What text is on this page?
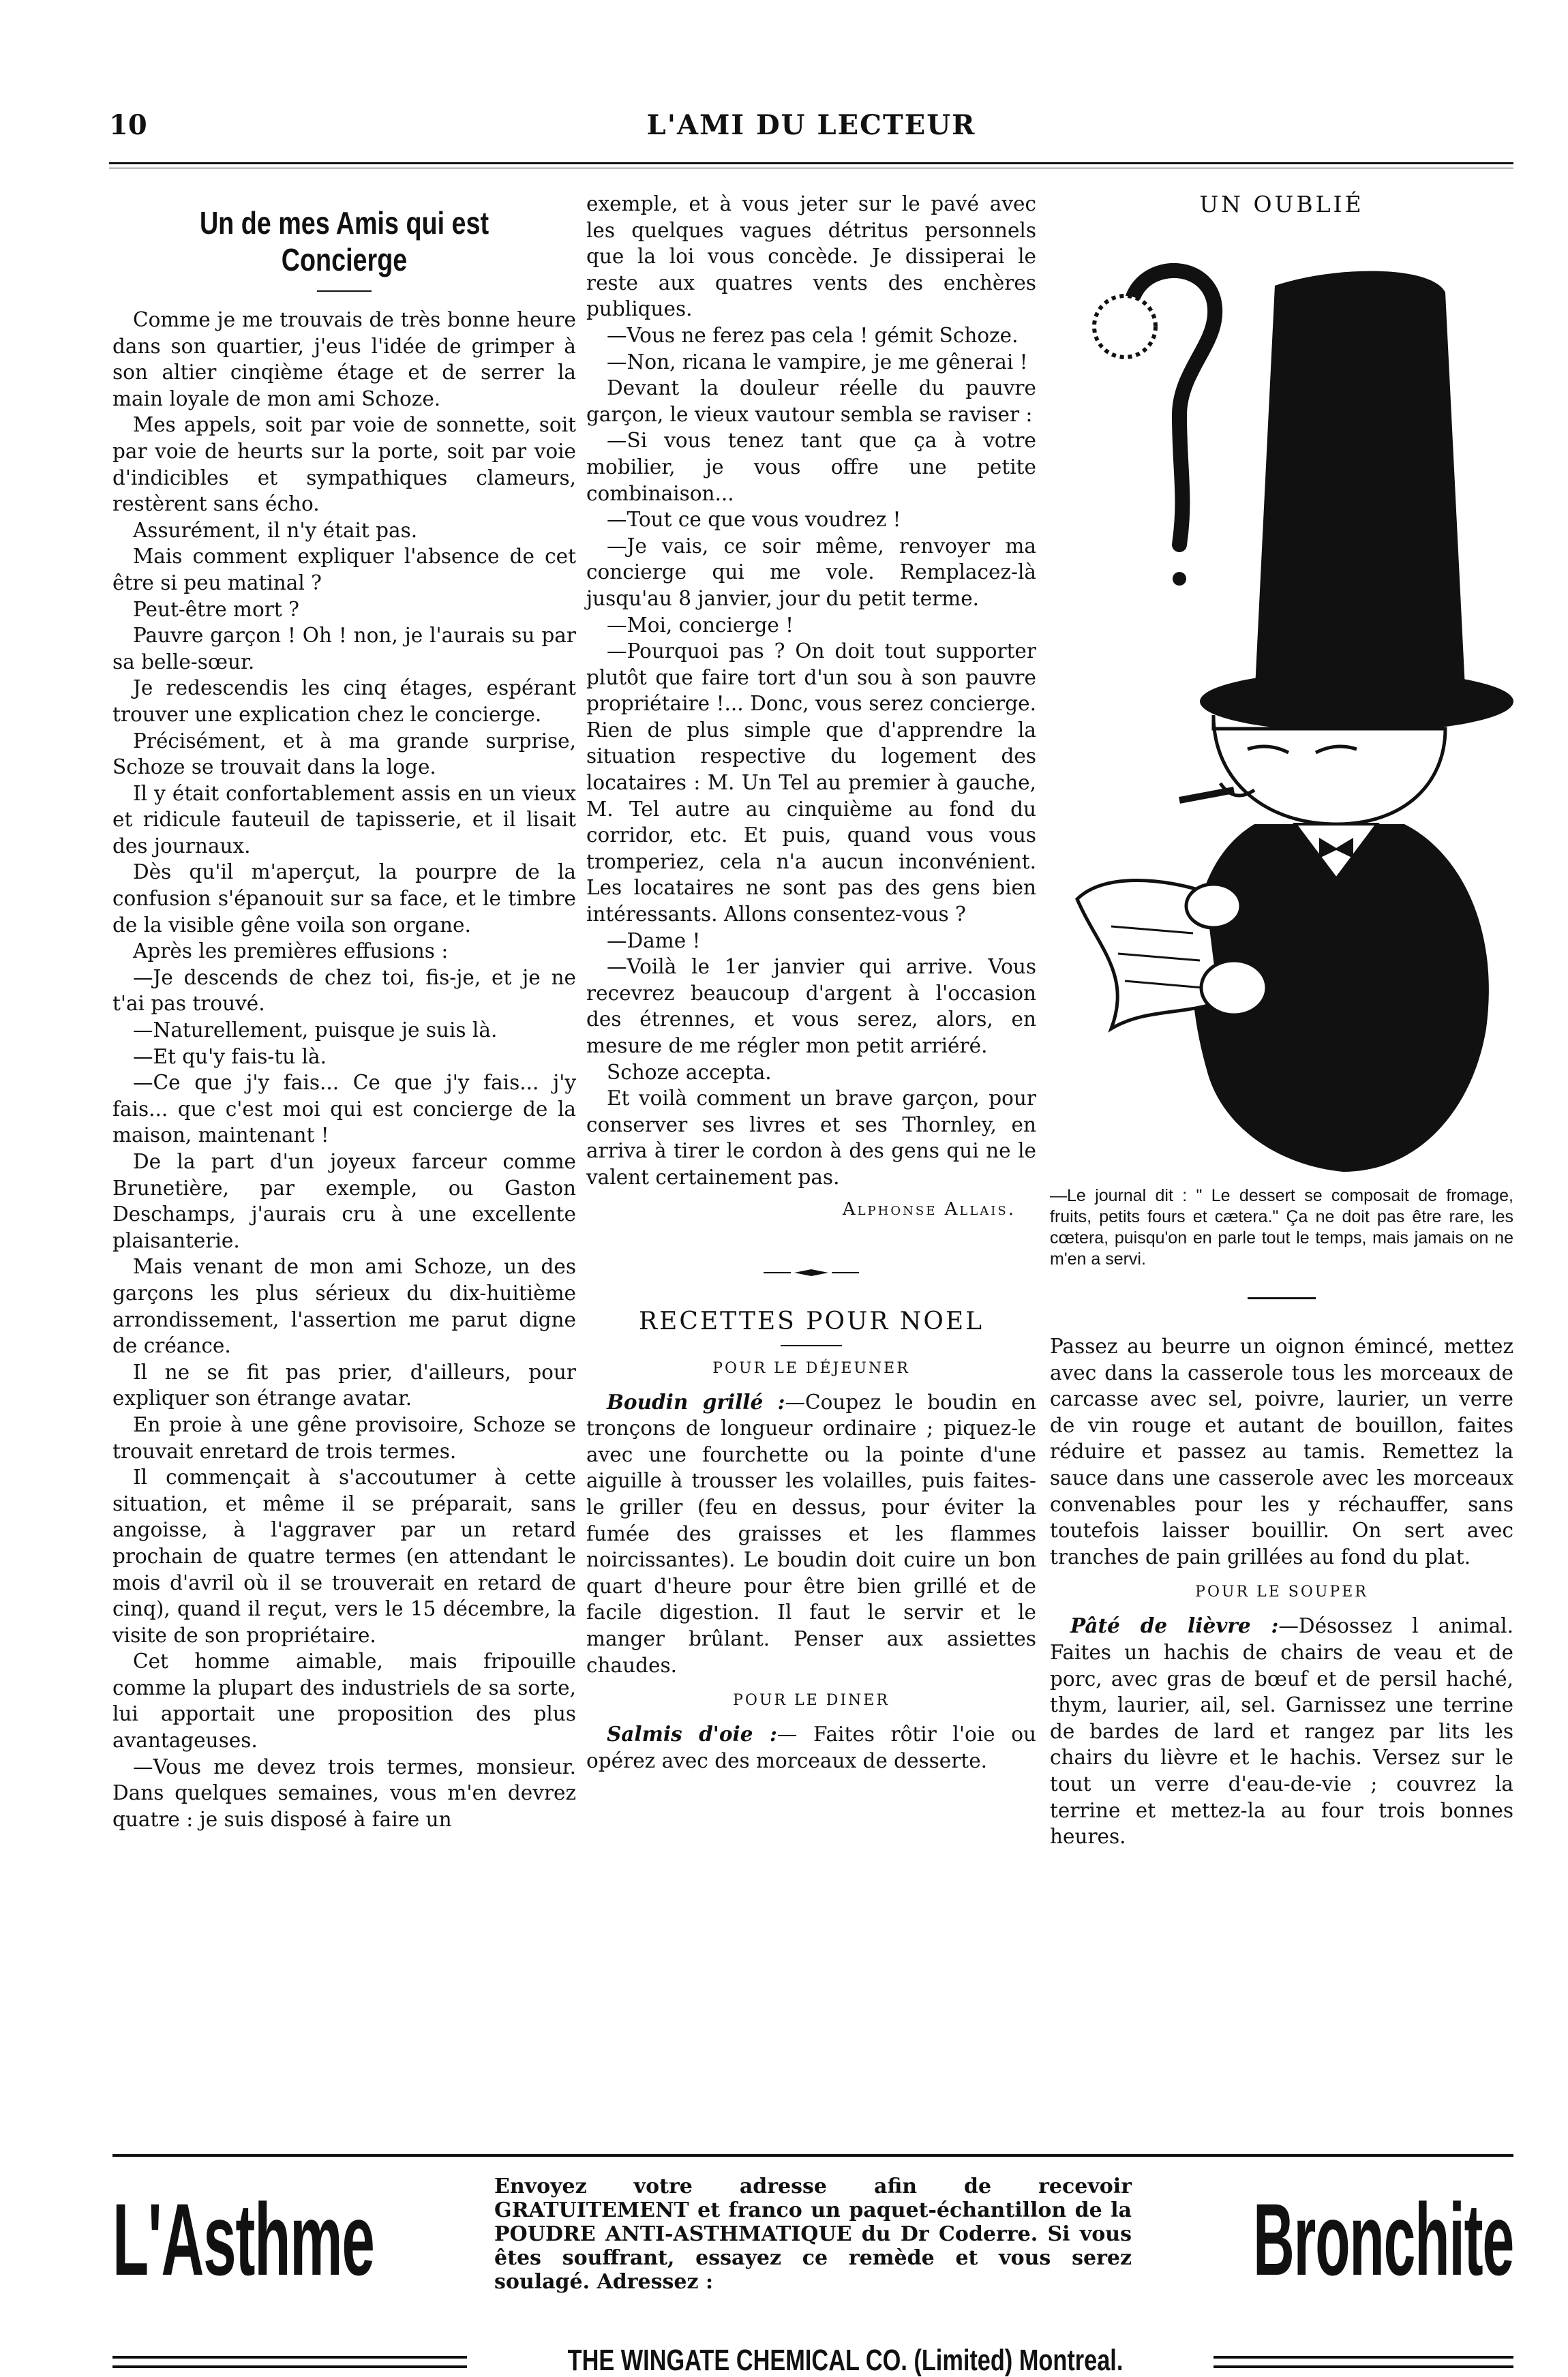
10	L'AMI DU LECTEUR
Un de mes Amis qui est
Concierge

Comme je me trouvais de très bonne heure dans son quartier, j'eus l'idée de grimper à son altier cinqième étage et de serrer la main loyale de mon ami Schoze.

Mes appels, soit par voie de sonnette, soit par voie de heurts sur la porte, soit par voie d'indicibles et sympathiques clameurs, restèrent sans écho.

Assurément, il n'y était pas.

Mais comment expliquer l'absence de cet être si peu matinal ?

Peut-être mort ?

Pauvre garçon ! Oh ! non, je l'aurais su par sa belle-sœur.

Je redescendis les cinq étages, espérant trouver une explication chez le concierge.

Précisément, et à ma grande surprise, Schoze se trouvait dans la loge.

Il y était confortablement assis en un vieux et ridicule fauteuil de tapisserie, et il lisait des journaux.

Dès qu'il m'aperçut, la pourpre de la confusion s'épanouit sur sa face, et le timbre de la visible gêne voila son organe.

Après les premières effusions :

—Je descends de chez toi, fis-je, et je ne t'ai pas trouvé.

—Naturellement, puisque je suis là.

—Et qu'y fais-tu là.

—Ce que j'y fais... Ce que j'y fais... j'y fais... que c'est moi qui est concierge de la maison, maintenant !

De la part d'un joyeux farceur comme Brunetière, par exemple, ou Gaston Deschamps, j'aurais cru à une excellente plaisanterie.

Mais venant de mon ami Schoze, un des garçons les plus sérieux du dix-huitième arrondissement, l'assertion me parut digne de créance.

Il ne se fit pas prier, d'ailleurs, pour expliquer son étrange avatar.

En proie à une gêne provisoire, Schoze se trouvait enretard de trois termes.

Il commençait à s'accoutumer à cette situation, et même il se préparait, sans angoisse, à l'aggraver par un retard prochain de quatre termes (en attendant le mois d'avril où il se trouverait en retard de cinq), quand il reçut, vers le 15 décembre, la visite de son propriétaire.

Cet homme aimable, mais fripouille comme la plupart des industriels de sa sorte, lui apportait une proposition des plus avantageuses.

—Vous me devez trois termes, monsieur. Dans quelques semaines, vous m'en devrez quatre : je suis disposé à faire un

exemple, et à vous jeter sur le pavé avec les quelques vagues détritus personnels que la loi vous concède. Je dissiperai le reste aux quatres vents des enchères publiques.

—Vous ne ferez pas cela ! gémit Schoze.

—Non, ricana le vampire, je me gênerai !

Devant la douleur réelle du pauvre garçon, le vieux vautour sembla se raviser :

—Si vous tenez tant que ça à votre mobilier, je vous offre une petite combinaison...

—Tout ce que vous voudrez !

—Je vais, ce soir même, renvoyer ma concierge qui me vole. Remplacez-là jusqu'au 8 janvier, jour du petit terme.

—Moi, concierge !

—Pourquoi pas ? On doit tout supporter plutôt que faire tort d'un sou à son pauvre propriétaire !... Donc, vous serez concierge. Rien de plus simple que d'apprendre la situation respective du logement des locataires : M. Un Tel au premier à gauche, M. Tel autre au cinquième au fond du corridor, etc. Et puis, quand vous vous tromperiez, cela n'a aucun inconvénient. Les locataires ne sont pas des gens bien intéressants. Allons consentez-vous ?

—Dame !

—Voilà le 1er janvier qui arrive. Vous recevrez beaucoup d'argent à l'occasion des étrennes, et vous serez, alors, en mesure de me régler mon petit arriéré.

Schoze accepta.

Et voilà comment un brave garçon, pour conserver ses livres et ses Thornley, en arriva à tirer le cordon à des gens qui ne le valent certainement pas.

Alphonse Allais.
RECETTES POUR NOEL
POUR LE DÉJEUNER

Boudin grillé :—Coupez le boudin en tronçons de longueur ordinaire ; piquez-le avec une fourchette ou la pointe d'une aiguille à trousser les volailles, puis faites-le griller (feu en dessus, pour éviter la fumée des graisses et les flammes noircissantes). Le boudin doit cuire un bon quart d'heure pour être bien grillé et de facile digestion. Il faut le servir et le manger brûlant. Penser aux assiettes chaudes.

POUR LE DINER

Salmis d'oie :— Faites rôtir l'oie ou opérez avec des morceaux de desserte.

UN OUBLIÉ

—Le journal dit : " Le dessert se composait de fromage, fruits, petits fours et cætera." Ça ne doit pas être rare, les cœtera, puisqu'on en parle tout le temps, mais jamais on ne m'en a servi.

Passez au beurre un oignon émincé, mettez avec dans la casserole tous les morceaux de carcasse avec sel, poivre, laurier, un verre de vin rouge et autant de bouillon, faites réduire et passez au tamis. Remettez la sauce dans une casserole avec les morceaux convenables pour les y réchauffer, sans toutefois laisser bouillir. On sert avec tranches de pain grillées au fond du plat.

POUR LE SOUPER

Pâté de lièvre :—Désossez l animal. Faites un hachis de chairs de veau et de porc, avec gras de bœuf et de persil haché, thym, laurier, ail, sel. Garnissez une terrine de bardes de lard et rangez par lits les chairs du lièvre et le hachis. Versez sur le tout un verre d'eau-de-vie ; couvrez la terrine et mettez-la au four trois bonnes heures.

L'Asthme	Envoyez votre adresse afin de recevoir GRATUITEMENT et franco un paquet-échantillon de la POUDRE ANTI-ASTHMATIQUE du Dr Coderre. Si vous êtes souffrant, essayez ce remède et vous serez soulagé. Adressez :	Bronchite
THE WINGATE CHEMICAL CO. (Limited) Montreal.
